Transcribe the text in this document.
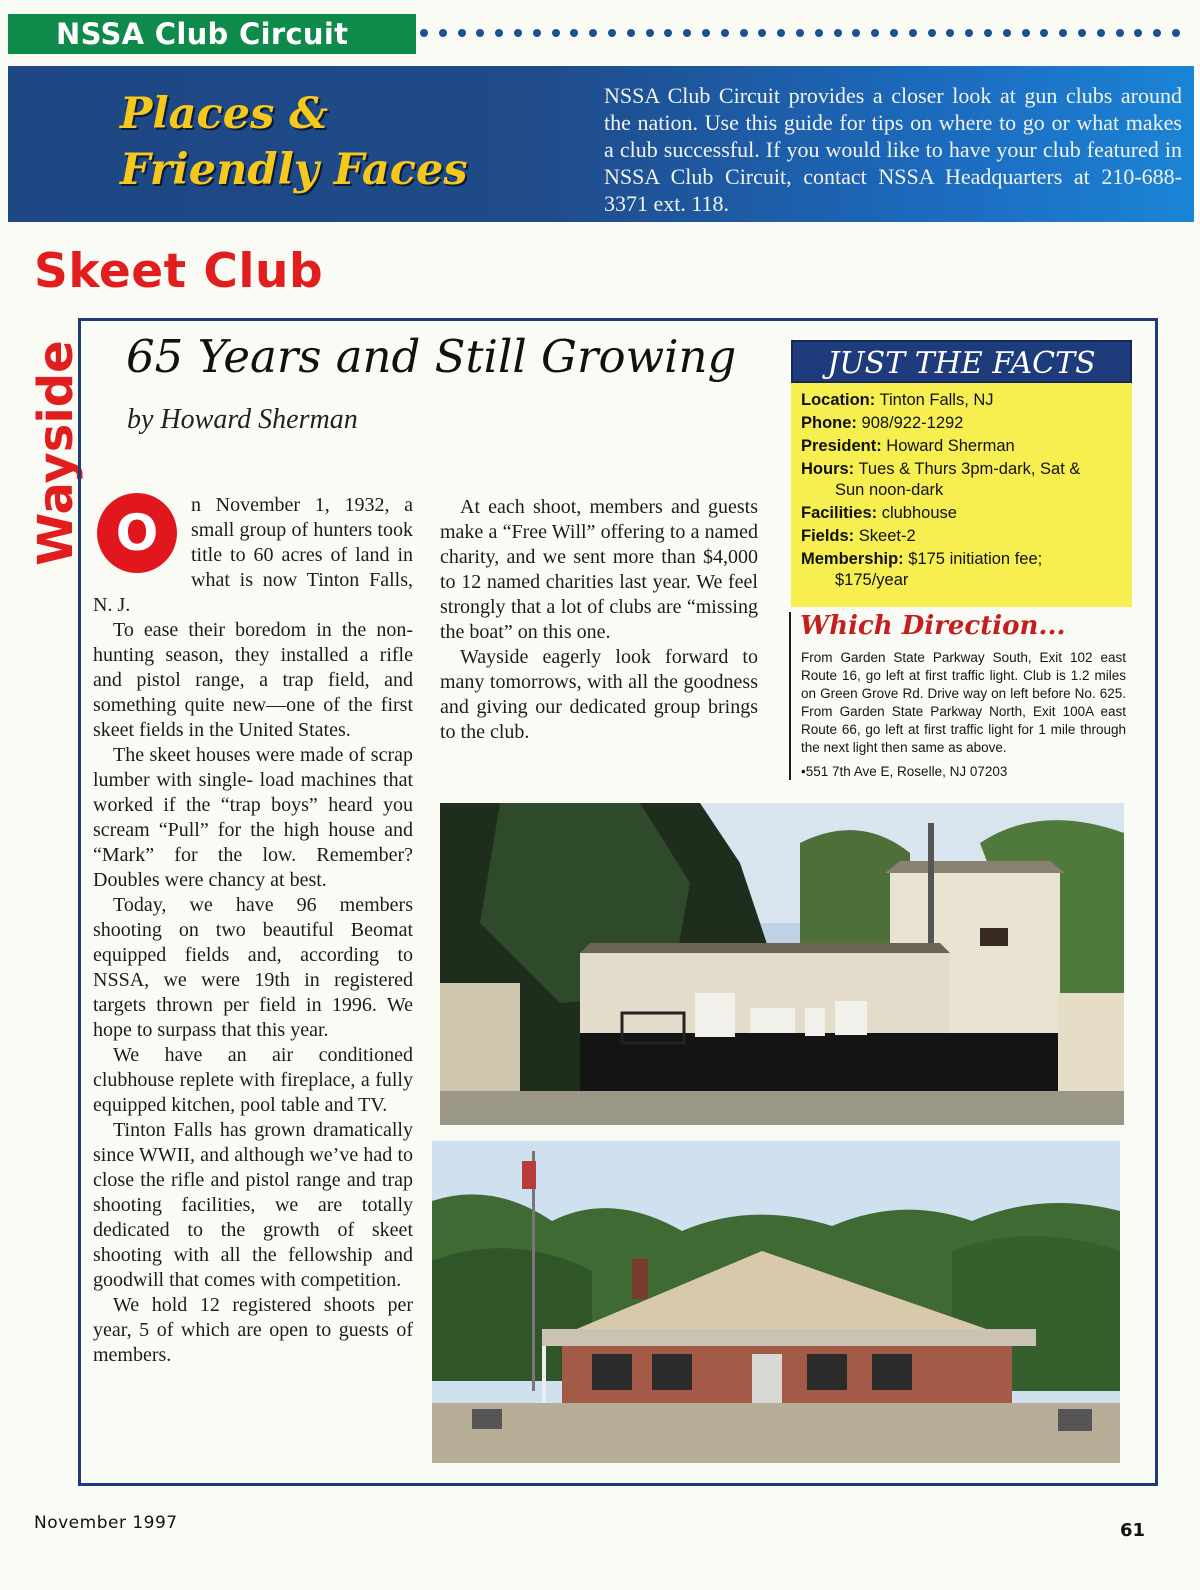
NSSA Club Circuit
Places &
Friendly Faces
NSSA Club Circuit provides a closer look at gun clubs around the nation. Use this guide for tips on where to go or what makes a club successful. If you would like to have your club featured in NSSA Club Circuit, contact NSSA Headquarters at 210-688-3371 ext. 118.
Skeet Club
Wayside 65 Years and Still Growing
by Howard Sherman

O	n November 1, 1932, a small group of hunters took title to 60 acres of land in what is now Tinton Falls, N. J.

To ease their boredom in the non-hunting season, they installed a rifle and pistol range, a trap field, and something quite new—one of the first skeet fields in the United States.

The skeet houses were made of scrap lumber with single- load machines that worked if the “trap boys” heard you scream “Pull” for the high house and “Mark” for the low. Remember? Doubles were chancy at best.

Today, we have 96 members shooting on two beautiful Beomat equipped fields and, according to NSSA, we were 19th in registered targets thrown per field in 1996. We hope to surpass that this year.

We have an air conditioned clubhouse replete with fireplace, a fully equipped kitchen, pool table and TV.

Tinton Falls has grown dramatically since WWII, and although we’ve had to close the rifle and pistol range and trap shooting facilities, we are totally dedicated to the growth of skeet shooting with all the fellowship and goodwill that comes with competition.

We hold 12 registered shoots per year, 5 of which are open to guests of members.

At each shoot, members and guests make a “Free Will” offering to a named charity, and we sent more than $4,000 to 12 named charities last year. We feel strongly that a lot of clubs are “missing the boat” on this one.

Wayside eagerly look forward to many tomorrows, with all the goodness and giving our dedicated group brings to the club.

JUST THE FACTS
Location: Tinton Falls, NJ
Phone: 908/922-1292
President: Howard Sherman
Hours: Tues & Thurs 3pm-dark, Sat &
Sun noon-dark
Facilities: clubhouse
Fields: Skeet-2
Membership: $175 initiation fee;
$175/year
Which Direction...
From Garden State Parkway South, Exit 102 east Route 16, go left at first traffic light. Club is 1.2 miles on Green Grove Rd. Drive way on left before No. 625. From Garden State Parkway North, Exit 100A east Route 66, go left at first traffic light for 1 mile through the next light then same as above.
•551 7th Ave E, Roselle, NJ 07203
November 1997	61
